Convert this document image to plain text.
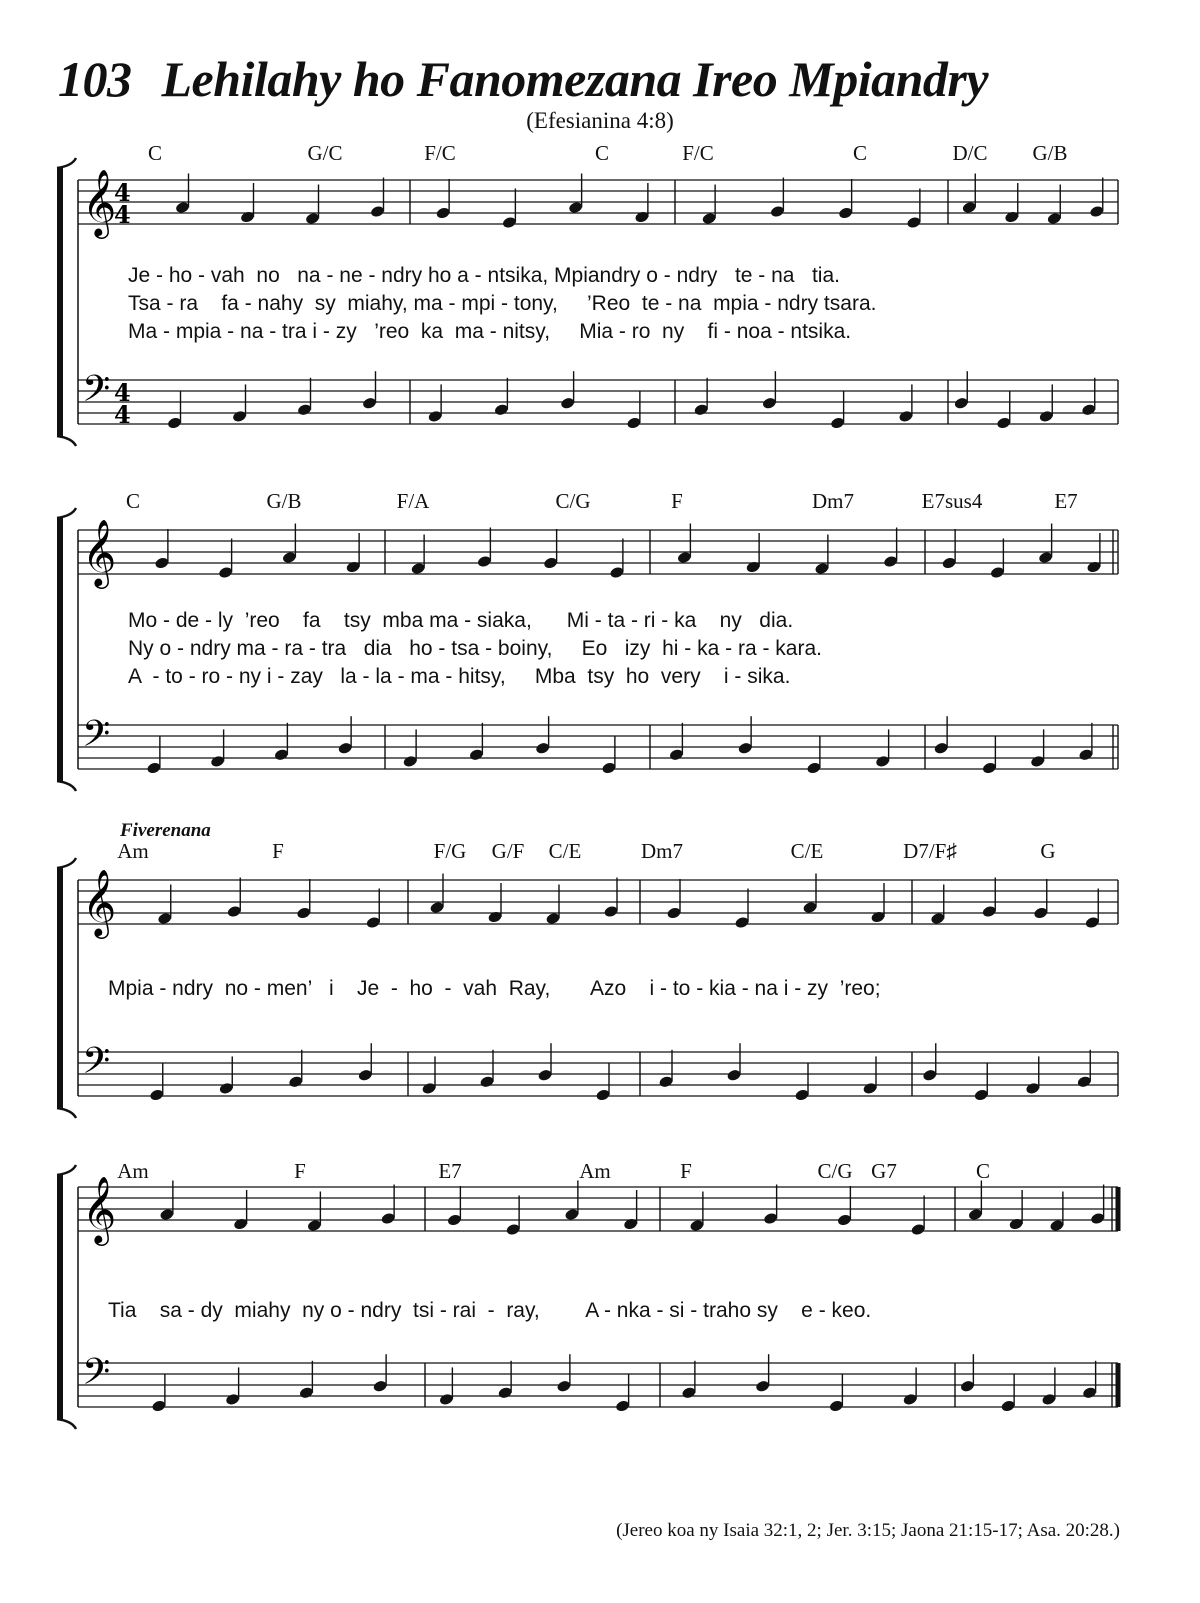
103 Lehilahy ho Fanomezana Ireo Mpiandry
(Efesianina 4:8)
𝄞
𝄢
4
4
4
4
C	G/C	F/C	C	F/C	C	D/C G/B
Je - ho - vah  no   na - ne - ndry ho a - ntsika, Mpiandry o - ndry   te - na   tia.
Tsa - ra    fa - nahy  sy  miahy, ma - mpi - tony,     ’Reo  te - na  mpia - ndry tsara.
Ma - mpia - na - tra i - zy   ’reo  ka  ma - nitsy,     Mia - ro  ny    fi - noa - ntsika.
𝄞
𝄢
C	G/B	F/A	C/G	F	Dm7	E7sus4	E7
Mo - de - ly  ’reo    fa    tsy  mba ma - siaka,      Mi - ta - ri - ka    ny   dia.
Ny o - ndry ma - ra - tra   dia   ho - tsa - boiny,     Eo   izy  hi - ka - ra - kara.
A  - to - ro - ny i - zay   la - la - ma - hitsy,     Mba  tsy  ho  very    i - sika.
𝄞
𝄢
Fiverenana
Am	F	F/G G/F C/E	Dm7	C/E	D7/F♯	G
Mpia - ndry  no - men’   i    Je  -  ho  -  vah  Ray,       Azo    i - to - kia - na i - zy  ’reo;
𝄞
𝄢
Am	F	E7	Am	F	C/G G7	C
Tia    sa - dy  miahy  ny o - ndry  tsi - rai  -  ray,        A - nka - si - traho sy    e - keo.
(Jereo koa ny Isaia 32:1, 2; Jer. 3:15; Jaona 21:15-17; Asa. 20:28.)
